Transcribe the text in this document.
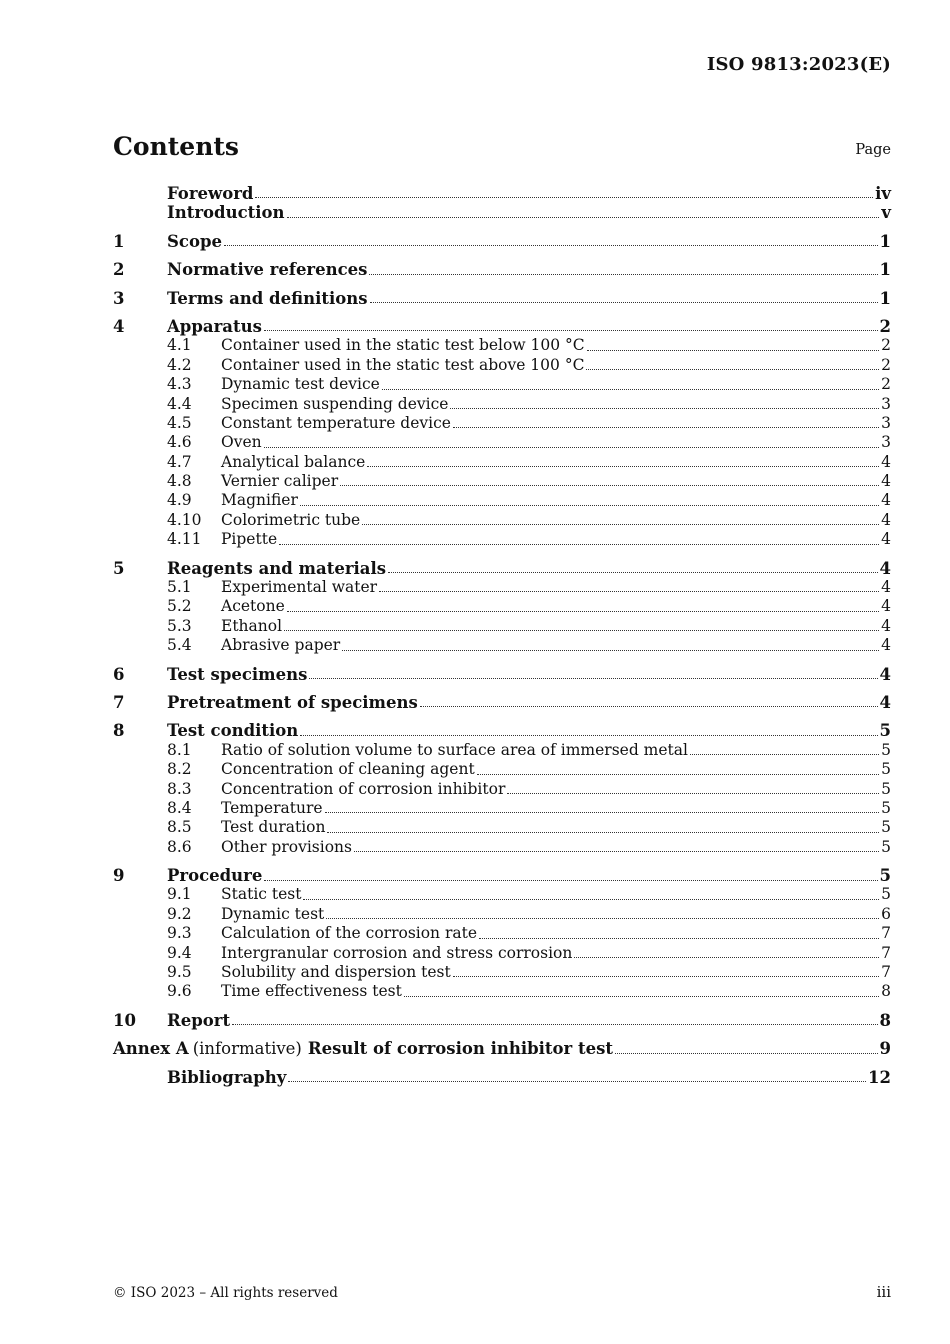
ISO 9813:2023(E)
Contents	Page
Foreword	iv
Introduction	v
1	Scope	1
2	Normative references	1
3	Terms and definitions	1
4	Apparatus	2
4.1	Container used in the static test below 100 °C	2
4.2	Container used in the static test above 100 °C	2
4.3	Dynamic test device	2
4.4	Specimen suspending device	3
4.5	Constant temperature device	3
4.6	Oven	3
4.7	Analytical balance	4
4.8	Vernier caliper	4
4.9	Magnifier	4
4.10	Colorimetric tube	4
4.11	Pipette	4
5	Reagents and materials	4
5.1	Experimental water	4
5.2	Acetone	4
5.3	Ethanol	4
5.4	Abrasive paper	4
6	Test specimens	4
7	Pretreatment of specimens	4
8	Test condition	5
8.1	Ratio of solution volume to surface area of immersed metal	5
8.2	Concentration of cleaning agent	5
8.3	Concentration of corrosion inhibitor	5
8.4	Temperature	5
8.5	Test duration	5
8.6	Other provisions	5
9	Procedure	5
9.1	Static test	5
9.2	Dynamic test	6
9.3	Calculation of the corrosion rate	7
9.4	Intergranular corrosion and stress corrosion	7
9.5	Solubility and dispersion test	7
9.6	Time effectiveness test	8
10	Report	8
Annex A (informative) Result of corrosion inhibitor test	9
Bibliography	12
© ISO 2023 – All rights reserved	iii
